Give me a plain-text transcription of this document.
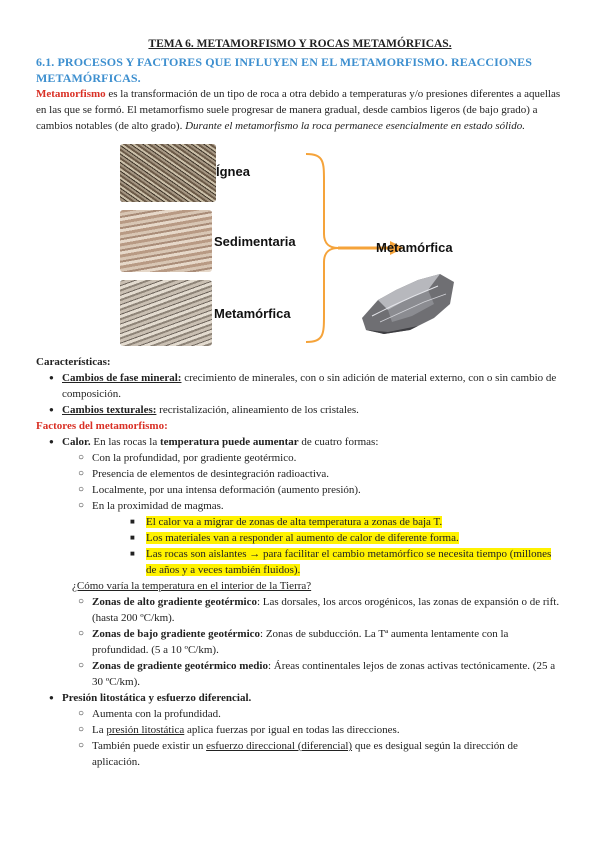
TEMA 6. METAMORFISMO Y ROCAS METAMÓRFICAS.

6.1. PROCESOS Y FACTORES QUE INFLUYEN EN EL METAMORFISMO. REACCIONES METAMÓRFICAS.

Metamorfismo es la transformación de un tipo de roca a otra debido a temperaturas y/o presiones diferentes a aquellas en las que se formó. El metamorfismo suele progresar de manera gradual, desde cambios ligeros (de bajo grado) a cambios notables (de alto grado). Durante el metamorfismo la roca permanece esencialmente en estado sólido.

Ígnea
Sedimentaria
Metamórfica
Metamórfica

Características:

● Cambios de fase mineral: crecimiento de minerales, con o sin adición de material externo, con o sin cambio de composición.

● Cambios texturales: recristalización, alineamiento de los cristales.

Factores del metamorfismo:

● Calor. En las rocas la temperatura puede aumentar de cuatro formas:

○ Con la profundidad, por gradiente geotérmico.

○ Presencia de elementos de desintegración radioactiva.

○ Localmente, por una intensa deformación (aumento presión).

○ En la proximidad de magmas.

■ El calor va a migrar de zonas de alta temperatura a zonas de baja T.

■ Los materiales van a responder al aumento de calor de diferente forma.

■ Las rocas son aislantes → para facilitar el cambio metamórfico se necesita tiempo (millones de años y a veces también fluidos).

¿Cómo varía la temperatura en el interior de la Tierra?

○ Zonas de alto gradiente geotérmico: Las dorsales, los arcos orogénicos, las zonas de expansión o de rift. (hasta 200 ºC/km).

○ Zonas de bajo gradiente geotérmico: Zonas de subducción. La Tª aumenta lentamente con la profundidad. (5 a 10 ºC/km).

○ Zonas de gradiente geotérmico medio: Áreas continentales lejos de zonas activas tectónicamente. (25 a 30 ºC/km).

● Presión litostática y esfuerzo diferencial.

○ Aumenta con la profundidad.

○ La presión litostática aplica fuerzas por igual en todas las direcciones.

○ También puede existir un esfuerzo direccional (diferencial) que es desigual según la dirección de aplicación.
